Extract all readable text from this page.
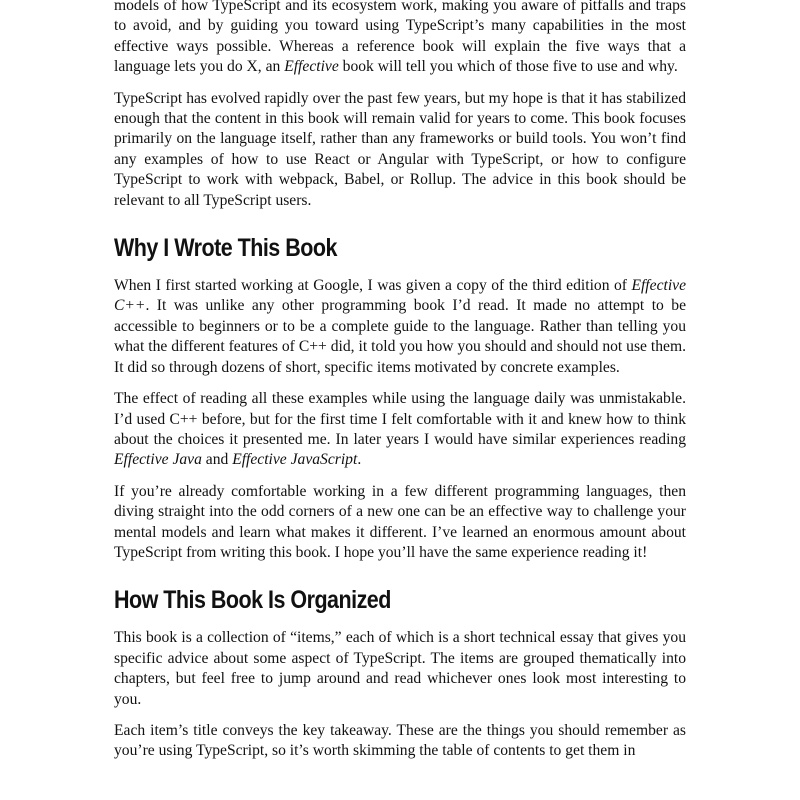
models of how TypeScript and its ecosystem work, making you aware of pitfalls and traps to avoid, and by guiding you toward using TypeScript’s many capabilities in the most effective ways possible. Whereas a reference book will explain the five ways that a language lets you do X, an Effective book will tell you which of those five to use and why.

TypeScript has evolved rapidly over the past few years, but my hope is that it has stabilized enough that the content in this book will remain valid for years to come. This book focuses primarily on the language itself, rather than any frameworks or build tools. You won’t find any examples of how to use React or Angular with TypeScript, or how to configure TypeScript to work with webpack, Babel, or Rollup. The advice in this book should be relevant to all TypeScript users.

Why I Wrote This Book

When I first started working at Google, I was given a copy of the third edition of Effective C++. It was unlike any other programming book I’d read. It made no attempt to be accessible to beginners or to be a complete guide to the language. Rather than telling you what the different features of C++ did, it told you how you should and should not use them. It did so through dozens of short, specific items motivated by concrete examples.

The effect of reading all these examples while using the language daily was unmistakable. I’d used C++ before, but for the first time I felt comfortable with it and knew how to think about the choices it presented me. In later years I would have similar experiences reading Effective Java and Effective JavaScript.

If you’re already comfortable working in a few different programming languages, then diving straight into the odd corners of a new one can be an effective way to challenge your mental models and learn what makes it different. I’ve learned an enormous amount about TypeScript from writing this book. I hope you’ll have the same experience reading it!

How This Book Is Organized

This book is a collection of “items,” each of which is a short technical essay that gives you specific advice about some aspect of TypeScript. The items are grouped thematically into chapters, but feel free to jump around and read whichever ones look most interesting to you.

Each item’s title conveys the key takeaway. These are the things you should remember as you’re using TypeScript, so it’s worth skimming the table of contents to get them in
